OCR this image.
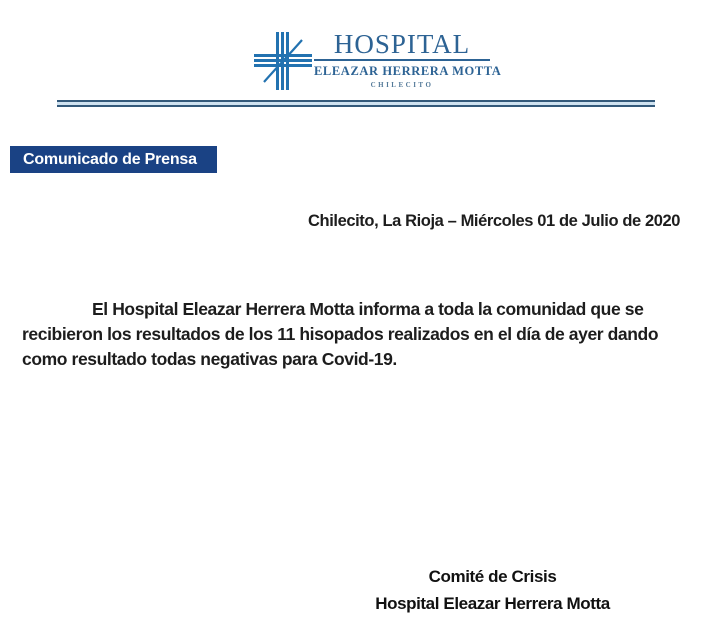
HOSPITAL
ELEAZAR HERRERA MOTTA
CHILECITO
Comunicado de Prensa
Chilecito, La Rioja – Miércoles 01 de Julio de 2020
El Hospital Eleazar Herrera Motta informa a toda la comunidad que se recibieron los resultados de los 11 hisopados realizados en el día de ayer dando como resultado todas negativas para Covid-19.
Comité de Crisis
Hospital Eleazar Herrera Motta
